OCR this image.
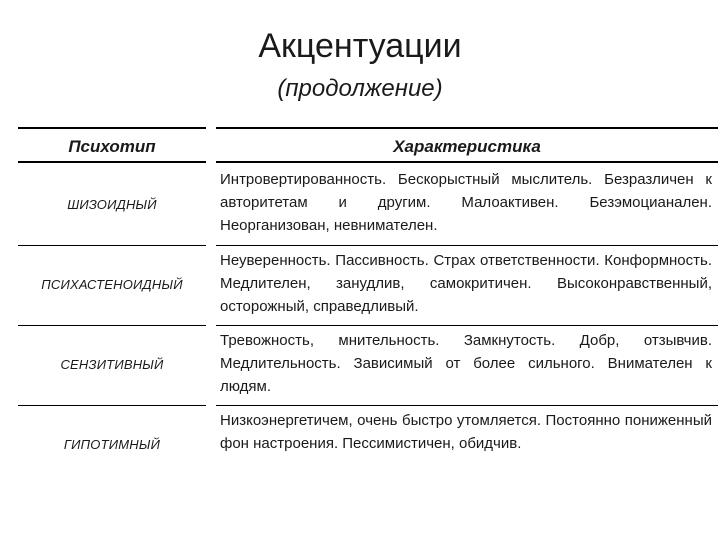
Акцентуации
(продолжение)
Психотип	Характеристика
ШИЗОИДНЫЙ
Интровертированность. Бескорыстный мыслитель. Безразличен к авторитетам и другим. Малоактивен. Безэмоцианален. Неорганизован, невнимателен.
ПСИХАСТЕНОИДНЫЙ
Неуверенность. Пассивность. Страх ответственности. Конформность. Медлителен, занудлив, самокритичен. Высоконравственный, осторожный, справедливый.
СЕНЗИТИВНЫЙ
Тревожность, мнительность. Замкнутость. Добр, отзывчив. Медлительность. Зависимый от более сильного. Внимателен к людям.
ГИПОТИМНЫЙ
Низкоэнергетичем, очень быстро утомляется. Постоянно пониженный фон настроения. Пессимистичен, обидчив.
